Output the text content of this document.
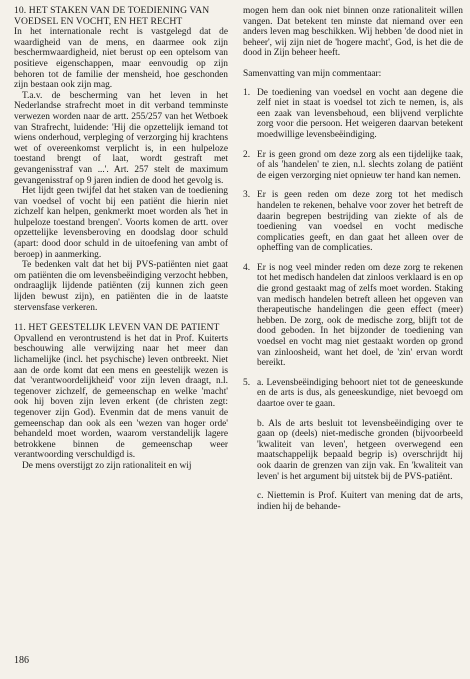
10. HET STAKEN VAN DE TOEDIENING VAN VOEDSEL EN VOCHT, EN HET RECHT

In het internationale recht is vastgelegd dat de waardigheid van de mens, en daarmee ook zijn beschermwaardigheid, niet berust op een optelsom van positieve eigenschappen, maar eenvoudig op zijn behoren tot de familie der mensheid, hoe geschonden zijn bestaan ook zijn mag.

T.a.v. de bescherming van het leven in het Nederlandse strafrecht moet in dit verband temminste verwezen worden naar de artt. 255/257 van het Wetboek van Strafrecht, luidende: 'Hij die opzettelijk iemand tot wiens onderhoud, verpleging of verzorging hij krachtens wet of overeenkomst verplicht is, in een hulpeloze toestand brengt of laat, wordt gestraft met gevangenisstraf van ...'. Art. 257 stelt de maximum gevangenisstraf op 9 jaren indien de dood het gevolg is.

Het lijdt geen twijfel dat het staken van de toediening van voedsel of vocht bij een patiënt die hierin niet zichzelf kan helpen, genkmerkt moet worden als 'het in hulpeloze toestand brengen'. Voorts komen de artt. over opzettelijke levensberoving en doodslag door schuld (apart: dood door schuld in de uitoefening van ambt of beroep) in aanmerking.

Te bedenken valt dat het bij PVS-patiënten niet gaat om patiënten die om levensbeëindiging verzocht hebben, ondraaglijk lijdende patiënten (zij kunnen zich geen lijden bewust zijn), en patiënten die in de laatste stervensfase verkeren.

11. HET GEESTELIJK LEVEN VAN DE PATIENT

Opvallend en verontrustend is het dat in Prof. Kuiterts beschouwing alle verwijzing naar het meer dan lichamelijke (incl. het psychische) leven ontbreekt. Niet aan de orde komt dat een mens en geestelijk wezen is dat 'verantwoordelijkheid' voor zijn leven draagt, n.l. tegenover zichzelf, de gemeenschap en welke 'macht' ook hij boven zijn leven erkent (de christen zegt: tegenover zijn God). Evenmin dat de mens vanuit de gemeenschap dan ook als een 'wezen van hoger orde' behandeld moet worden, waarom verstandelijk lagere betrokkene binnen de gemeenschap weer verantwoording verschuldigd is.

De mens overstijgt zo zijn rationaliteit en wij

mogen hem dan ook niet binnen onze rationaliteit willen vangen. Dat betekent ten minste dat niemand over een anders leven mag beschikken. Wij hebben 'de dood niet in beheer', wij zijn niet de 'hogere macht', God, is het die de dood in Zijn beheer heeft.

Samenvatting van mijn commentaar:

1. De toediening van voedsel en vocht aan degene die zelf niet in staat is voedsel tot zich te nemen, is, als een zaak van levensbehoud, een blijvend verplichte zorg voor die persoon. Het weigeren daarvan betekent moedwillige levensbeëindiging.
2. Er is geen grond om deze zorg als een tijdelijke taak, of als 'handelen' te zien, n.l. slechts zolang de patiënt de eigen verzorging niet opnieuw ter hand kan nemen.
3. Er is geen reden om deze zorg tot het medisch handelen te rekenen, behalve voor zover het betreft de daarin begrepen bestrijding van ziekte of als de toediening van voedsel en vocht medische complicaties geeft, en dan gaat het alleen over de opheffing van de complicaties.
4. Er is nog veel minder reden om deze zorg te rekenen tot het medisch handelen dat zinloos verklaard is en op die grond gestaakt mag of zelfs moet worden. Staking van medisch handelen betreft alleen het opgeven van therapeutische handelingen die geen effect (meer) hebben. De zorg, ook de medische zorg, blijft tot de dood geboden. In het bijzonder de toediening van voedsel en vocht mag niet gestaakt worden op grond van zinloosheid, want het doel, de 'zin' ervan wordt bereikt.
5. a. Levensbeëindiging behoort niet tot de geneeskunde en de arts is dus, als geneeskundige, niet bevoegd om daartoe over te gaan.
b. Als de arts besluit tot levensbeëindiging over te gaan op (deels) niet-medische gronden (bijvoorbeeld 'kwaliteit van leven', hetgeen overwegend een maatschappelijk bepaald begrip is) overschrijdt hij ook daarin de grenzen van zijn vak. En 'kwaliteit van leven' is het argument bij uitstek bij de PVS-patiënt.
c. Niettemin is Prof. Kuitert van mening dat de arts, indien hij de behande-
186
